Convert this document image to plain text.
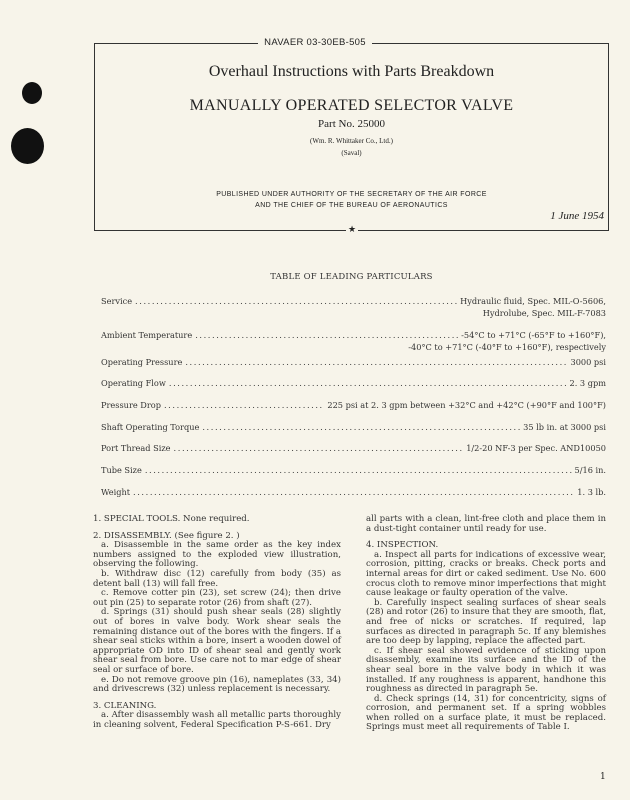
NAVAER 03-30EB-505
Overhaul Instructions with Parts Breakdown
MANUALLY OPERATED SELECTOR VALVE
Part No. 25000
(Wm. R. Whittaker Co., Ltd.)
(Saval)
PUBLISHED UNDER AUTHORITY OF THE SECRETARY OF THE AIR FORCE
AND THE CHIEF OF THE BUREAU OF AERONAUTICS
1 June 1954
★
TABLE OF LEADING PARTICULARS
Service . . .	Hydraulic fluid, Spec. MIL-O-5606,
Hydrolube, Spec. MIL-F-7083
Ambient Temperature . . .	-54°C to +71°C (-65°F to +160°F),
-40°C to +71°C (-40°F to +160°F), respectively
Operating Pressure . . .	3000 psi
Operating Flow . . .	2. 3 gpm
Pressure Drop . . .	225 psi at 2. 3 gpm between +32°C and +42°C (+90°F and 100°F)
Shaft Operating Torque . . .	35 lb in. at 3000 psi
Port Thread Size . . .	1/2-20 NF-3 per Spec. AND10050
Tube Size . . .	5/16 in.
Weight . . .	1. 3 lb.

1. SPECIAL TOOLS. None required.

2. DISASSEMBLY. (See figure 2. )

a. Disassemble in the same order as the key index numbers assigned to the exploded view illustration, observing the following.

b. Withdraw disc (12) carefully from body (35) as detent ball (13) will fall free.

c. Remove cotter pin (23), set screw (24); then drive out pin (25) to separate rotor (26) from shaft (27).

d. Springs (31) should push shear seals (28) slightly out of bores in valve body. Work shear seals the remaining distance out of the bores with the fingers. If a shear seal sticks within a bore, insert a wooden dowel of appropriate OD into ID of shear seal and gently work shear seal from bore. Use care not to mar edge of shear seal or surface of bore.

e. Do not remove groove pin (16), nameplates (33, 34) and drivescrews (32) unless replacement is necessary.

3. CLEANING.

a. After disassembly wash all metallic parts thoroughly in cleaning solvent, Federal Specification P-S-661. Dry

all parts with a clean, lint-free cloth and place them in a dust-tight container until ready for use.

4. INSPECTION.

a. Inspect all parts for indications of excessive wear, corrosion, pitting, cracks or breaks. Check ports and internal areas for dirt or caked sediment. Use No. 600 crocus cloth to remove minor imperfections that might cause leakage or faulty operation of the valve.

b. Carefully inspect sealing surfaces of shear seals (28) and rotor (26) to insure that they are smooth, flat, and free of nicks or scratches. If required, lap surfaces as directed in paragraph 5c. If any blemishes are too deep by lapping, replace the affected part.

c. If shear seal showed evidence of sticking upon disassembly, examine its surface and the ID of the shear seal bore in the valve body in which it was installed. If any roughness is apparent, handhone this roughness as directed in paragraph 5e.

d. Check springs (14, 31) for concentricity, signs of corrosion, and permanent set. If a spring wobbles when rolled on a surface plate, it must be replaced. Springs must meet all requirements of Table I.

1
